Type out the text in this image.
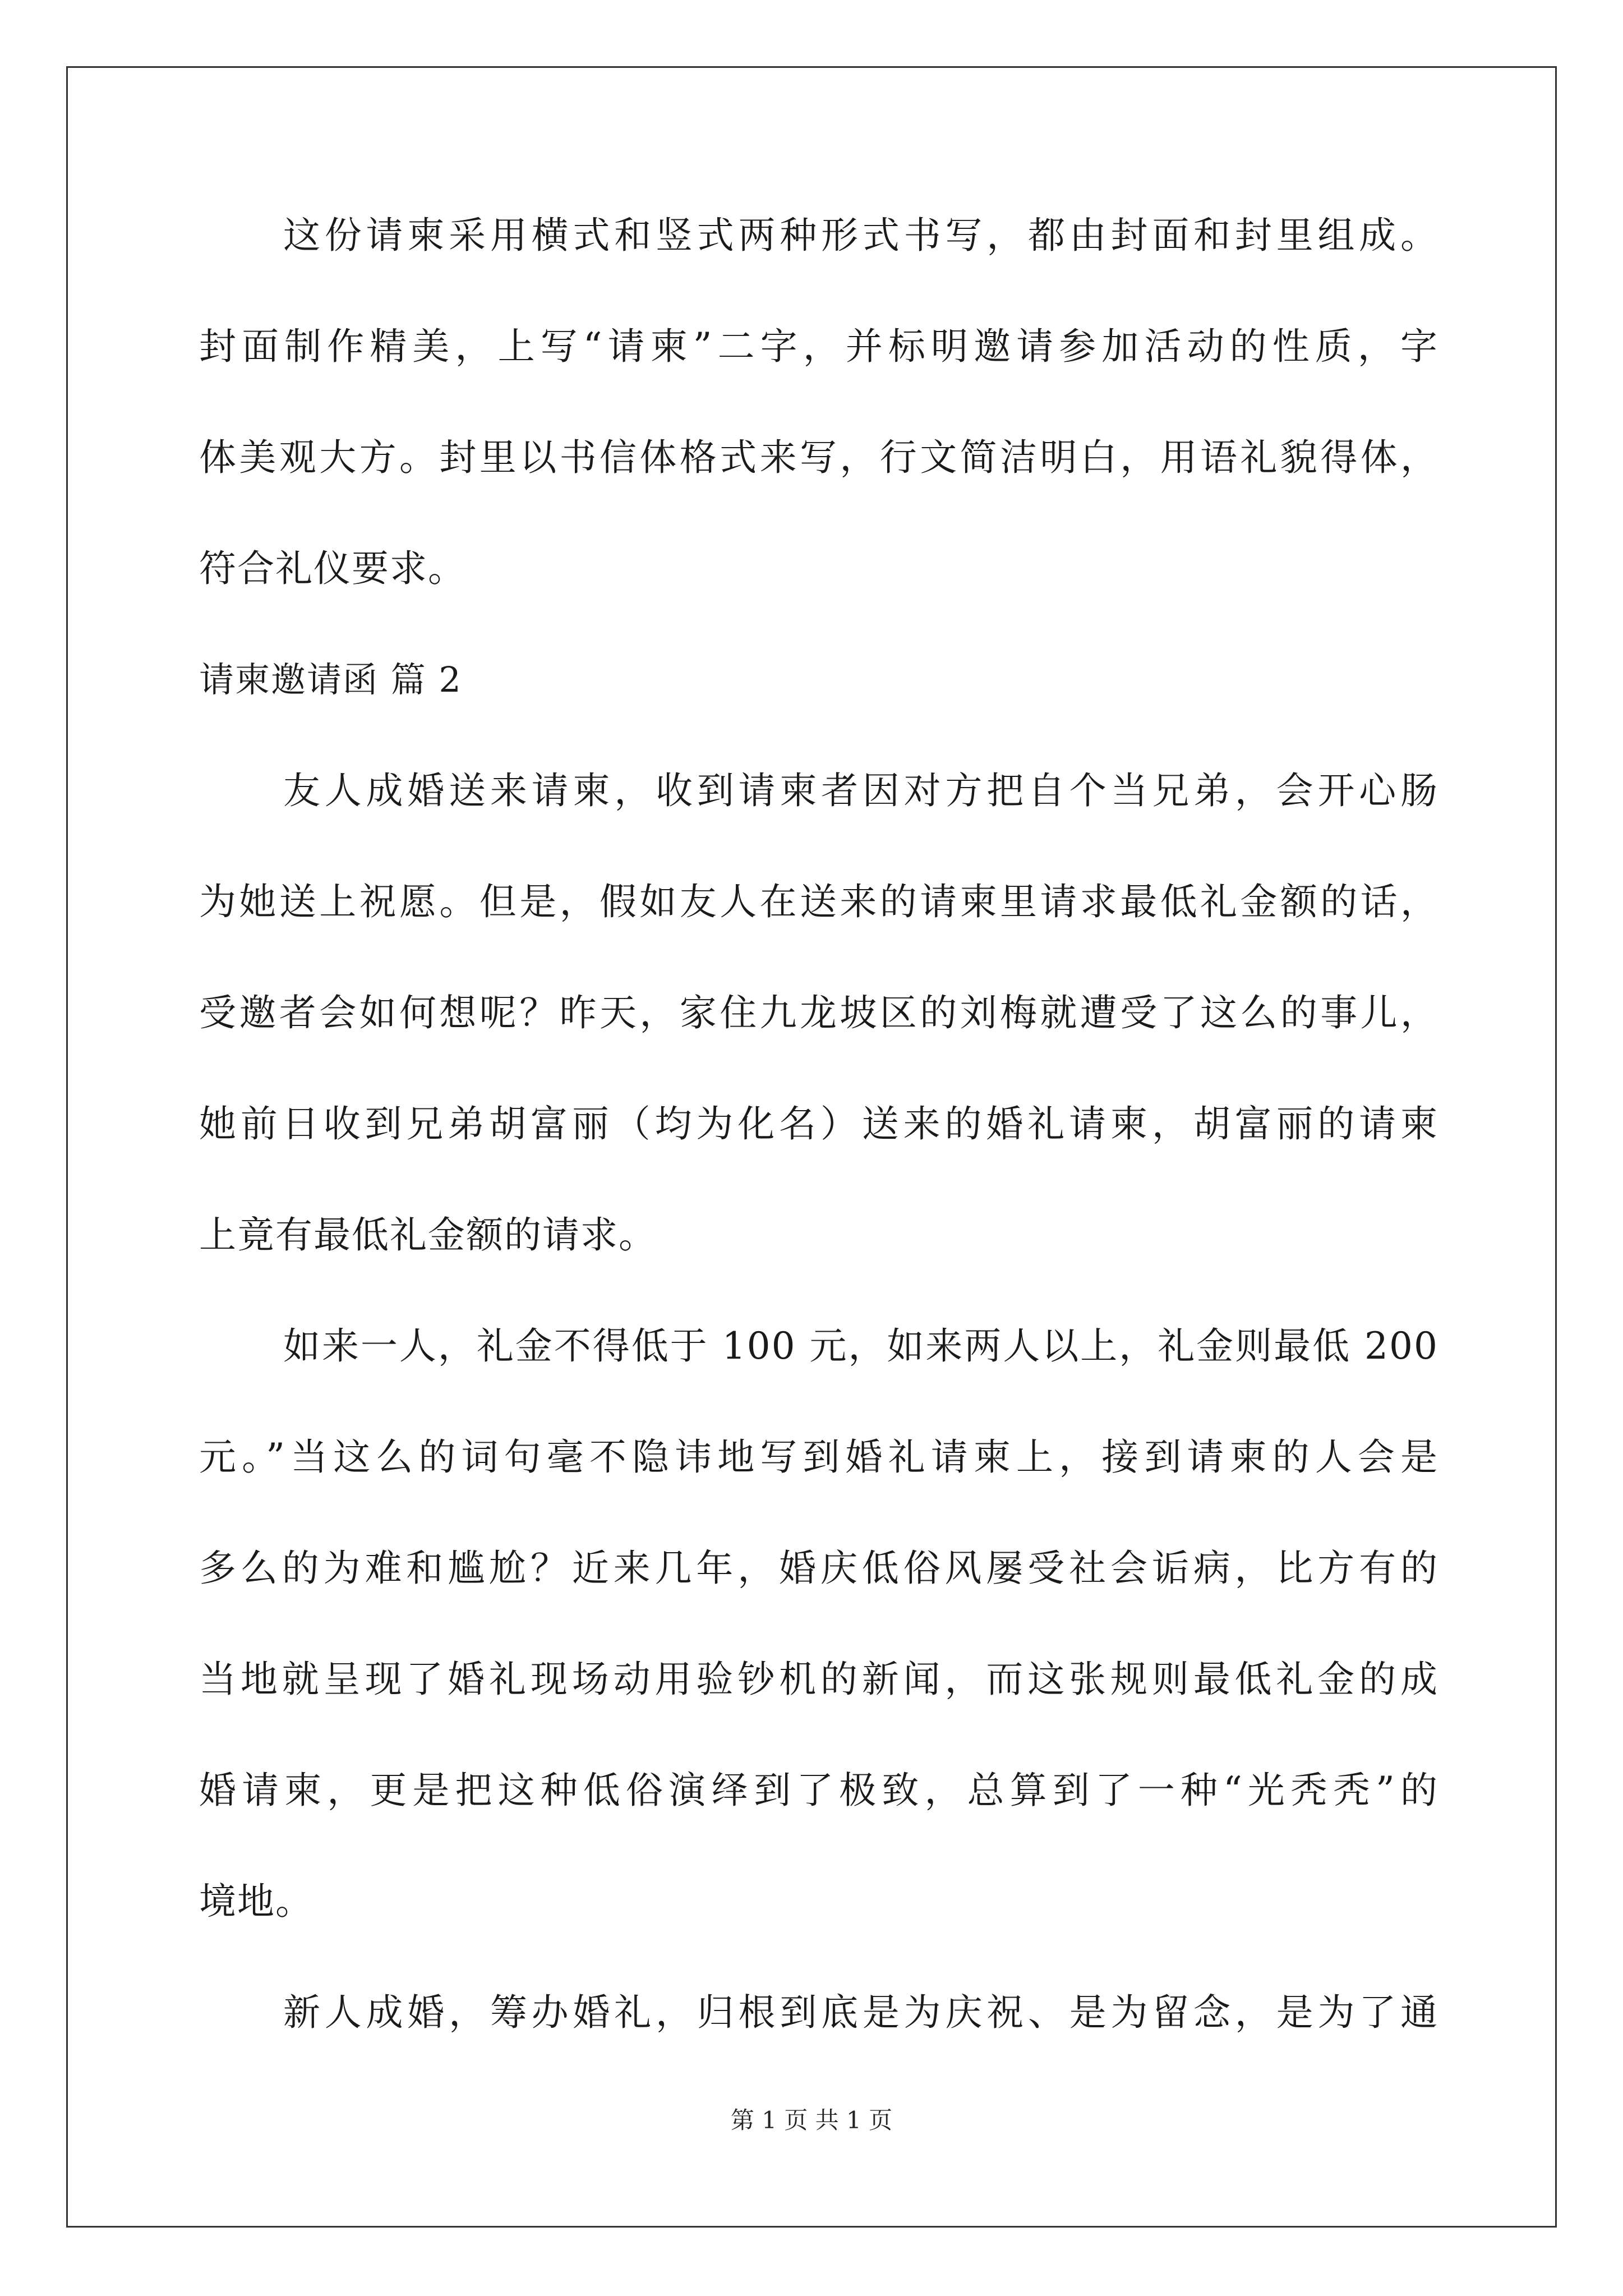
这份请柬采用横式和竖式两种形式书写，都由封面和封里组成。
封面制作精美，上写“请柬”二字，并标明邀请参加活动的性质，字
体美观大方。封里以书信体格式来写，行文简洁明白，用语礼貌得体，
符合礼仪要求。
请柬邀请函 篇 2
友人成婚送来请柬，收到请柬者因对方把自个当兄弟，会开心肠
为她送上祝愿。但是，假如友人在送来的请柬里请求最低礼金额的话，
受邀者会如何想呢？昨天，家住九龙坡区的刘梅就遭受了这么的事儿，
她前日收到兄弟胡富丽（均为化名）送来的婚礼请柬，胡富丽的请柬
上竟有最低礼金额的请求。
如来一人，礼金不得低于 100 元，如来两人以上，礼金则最低 200
元。”当这么的词句毫不隐讳地写到婚礼请柬上，接到请柬的人会是
多么的为难和尴尬？近来几年，婚庆低俗风屡受社会诟病，比方有的
当地就呈现了婚礼现场动用验钞机的新闻，而这张规则最低礼金的成
婚请柬，更是把这种低俗演绎到了极致，总算到了一种“光秃秃”的
境地。
新人成婚，筹办婚礼，归根到底是为庆祝、是为留念，是为了通
第 1 页 共 1 页
